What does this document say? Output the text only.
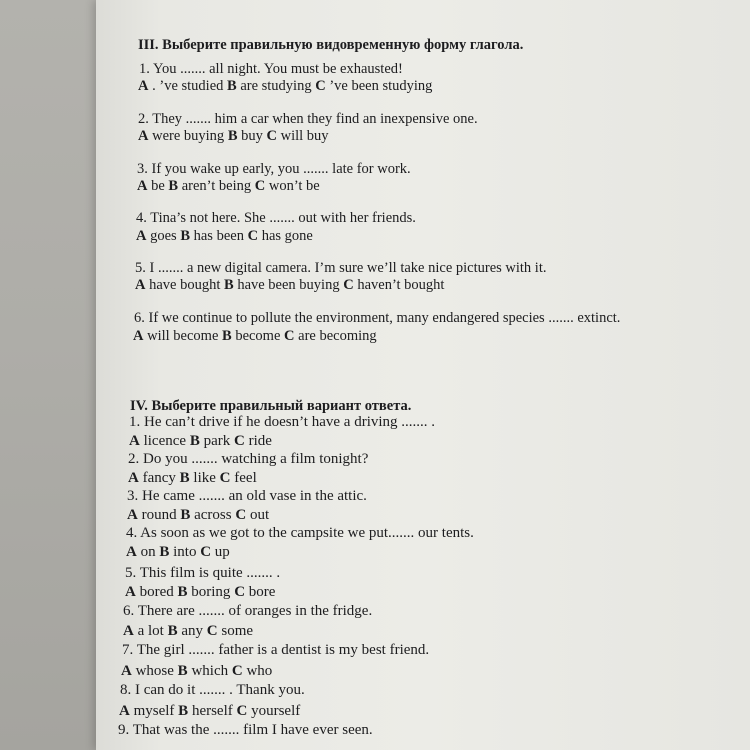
III. Выберите правильную видовременную форму глагола.
1. You ....... all night. You must be exhausted!
A . ’ve studied B are studying C ’ve been studying
2. They ....... him a car when they find an inexpensive one.
A were buying B buy C will buy
3. If you wake up early, you ....... late for work.
A be B aren’t being C won’t be
4. Tina’s not here. She ....... out with her friends.
A goes B has been C has gone
5. I ....... a new digital camera. I’m sure we’ll take nice pictures with it.
A have bought B have been buying C haven’t bought
6. If we continue to pollute the environment, many endangered species ....... extinct.
A will become B become C are becoming
IV. Выберите правильный вариант ответа.
1. He can’t drive if he doesn’t have a driving ....... .
A licence B park C ride
2. Do you ....... watching a film tonight?
A fancy B like C feel
3. He came ....... an old vase in the attic.
A round B across C out
4. As soon as we got to the campsite we put....... our tents.
A on B into C up
5. This film is quite ....... .
A bored B boring C bore
6. There are ....... of oranges in the fridge.
A a lot B any C some
7. The girl ....... father is a dentist is my best friend.
A whose B which C who
8. I can do it ....... . Thank you.
A myself B herself C yourself
9. That was the ....... film I have ever seen.
